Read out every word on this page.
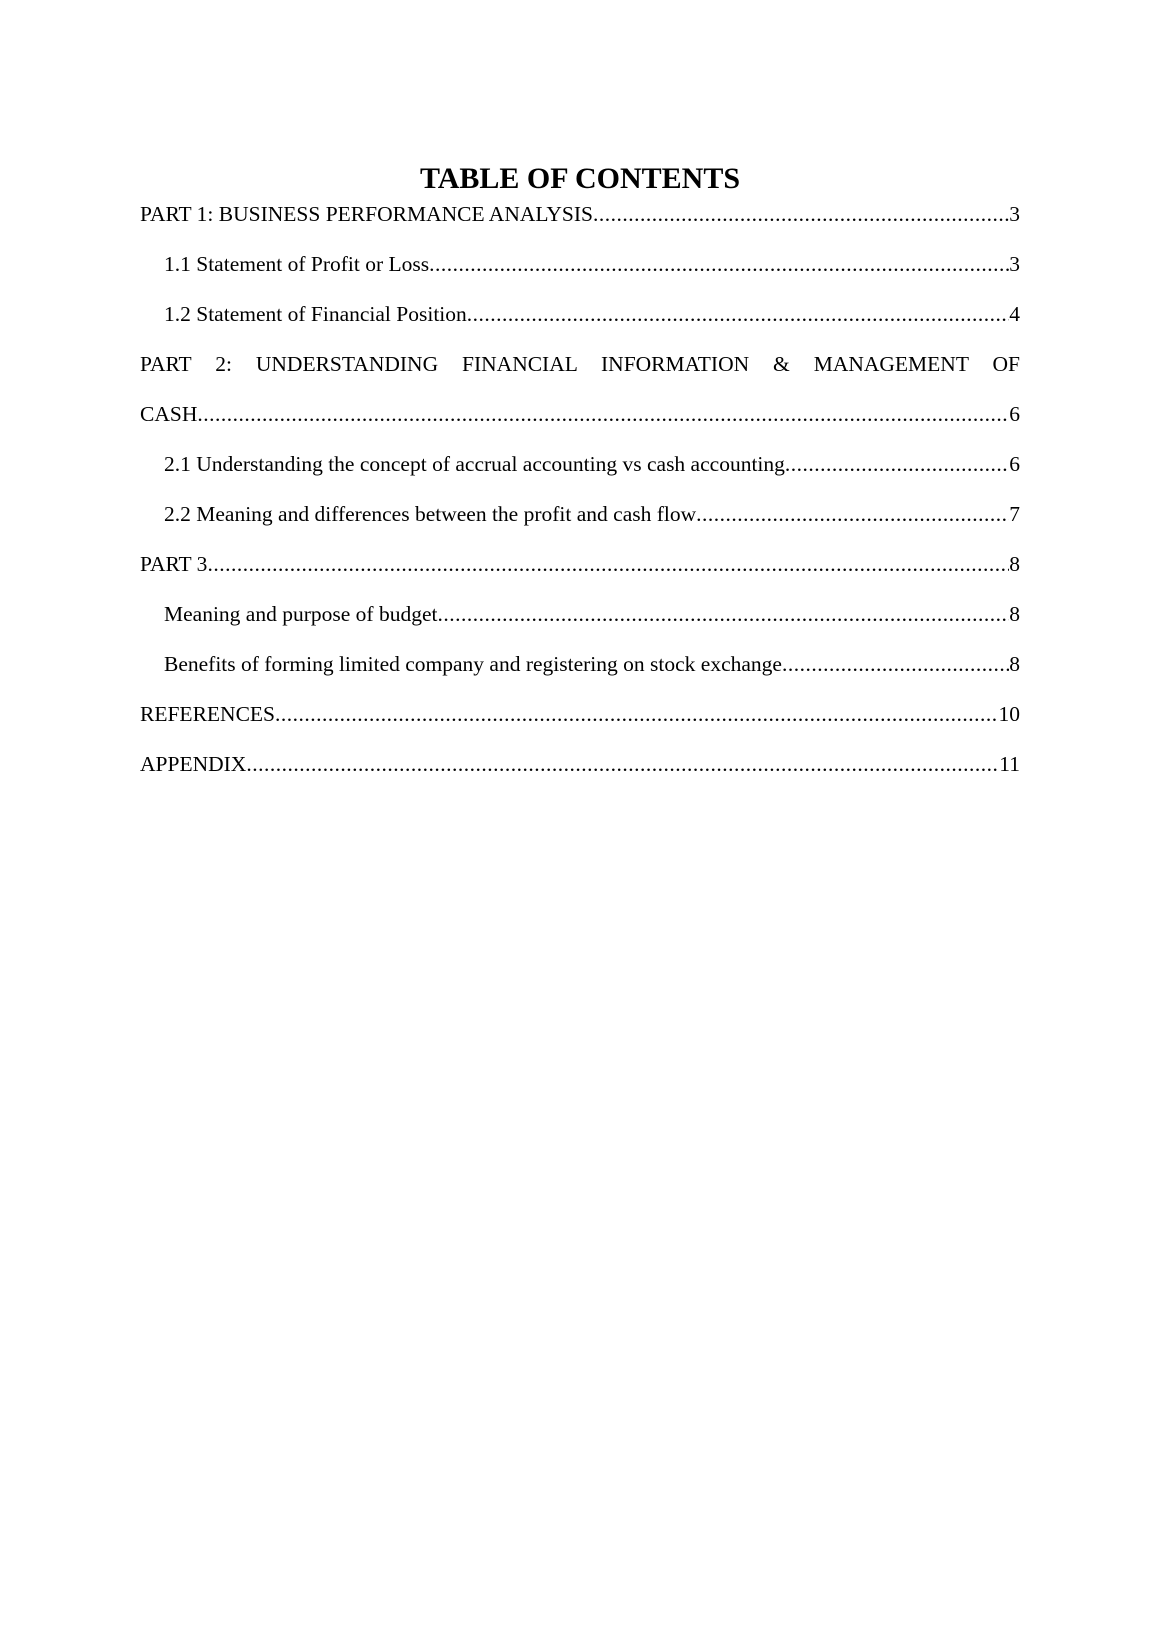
TABLE OF CONTENTS
PART 1: BUSINESS PERFORMANCE ANALYSIS .....	3
1.1 Statement of Profit or Loss .....	3
1.2 Statement of Financial Position .....	4
PART 2: UNDERSTANDING FINANCIAL INFORMATION & MANAGEMENT OF
CASH .....	6
2.1 Understanding the concept of accrual accounting vs cash accounting .....	6
2.2 Meaning and differences between the profit and cash flow .....	7
PART 3 .....	8
Meaning and purpose of budget .....	8
Benefits of forming limited company and registering on stock exchange .....	8
REFERENCES .....	10
APPENDIX .....	11
